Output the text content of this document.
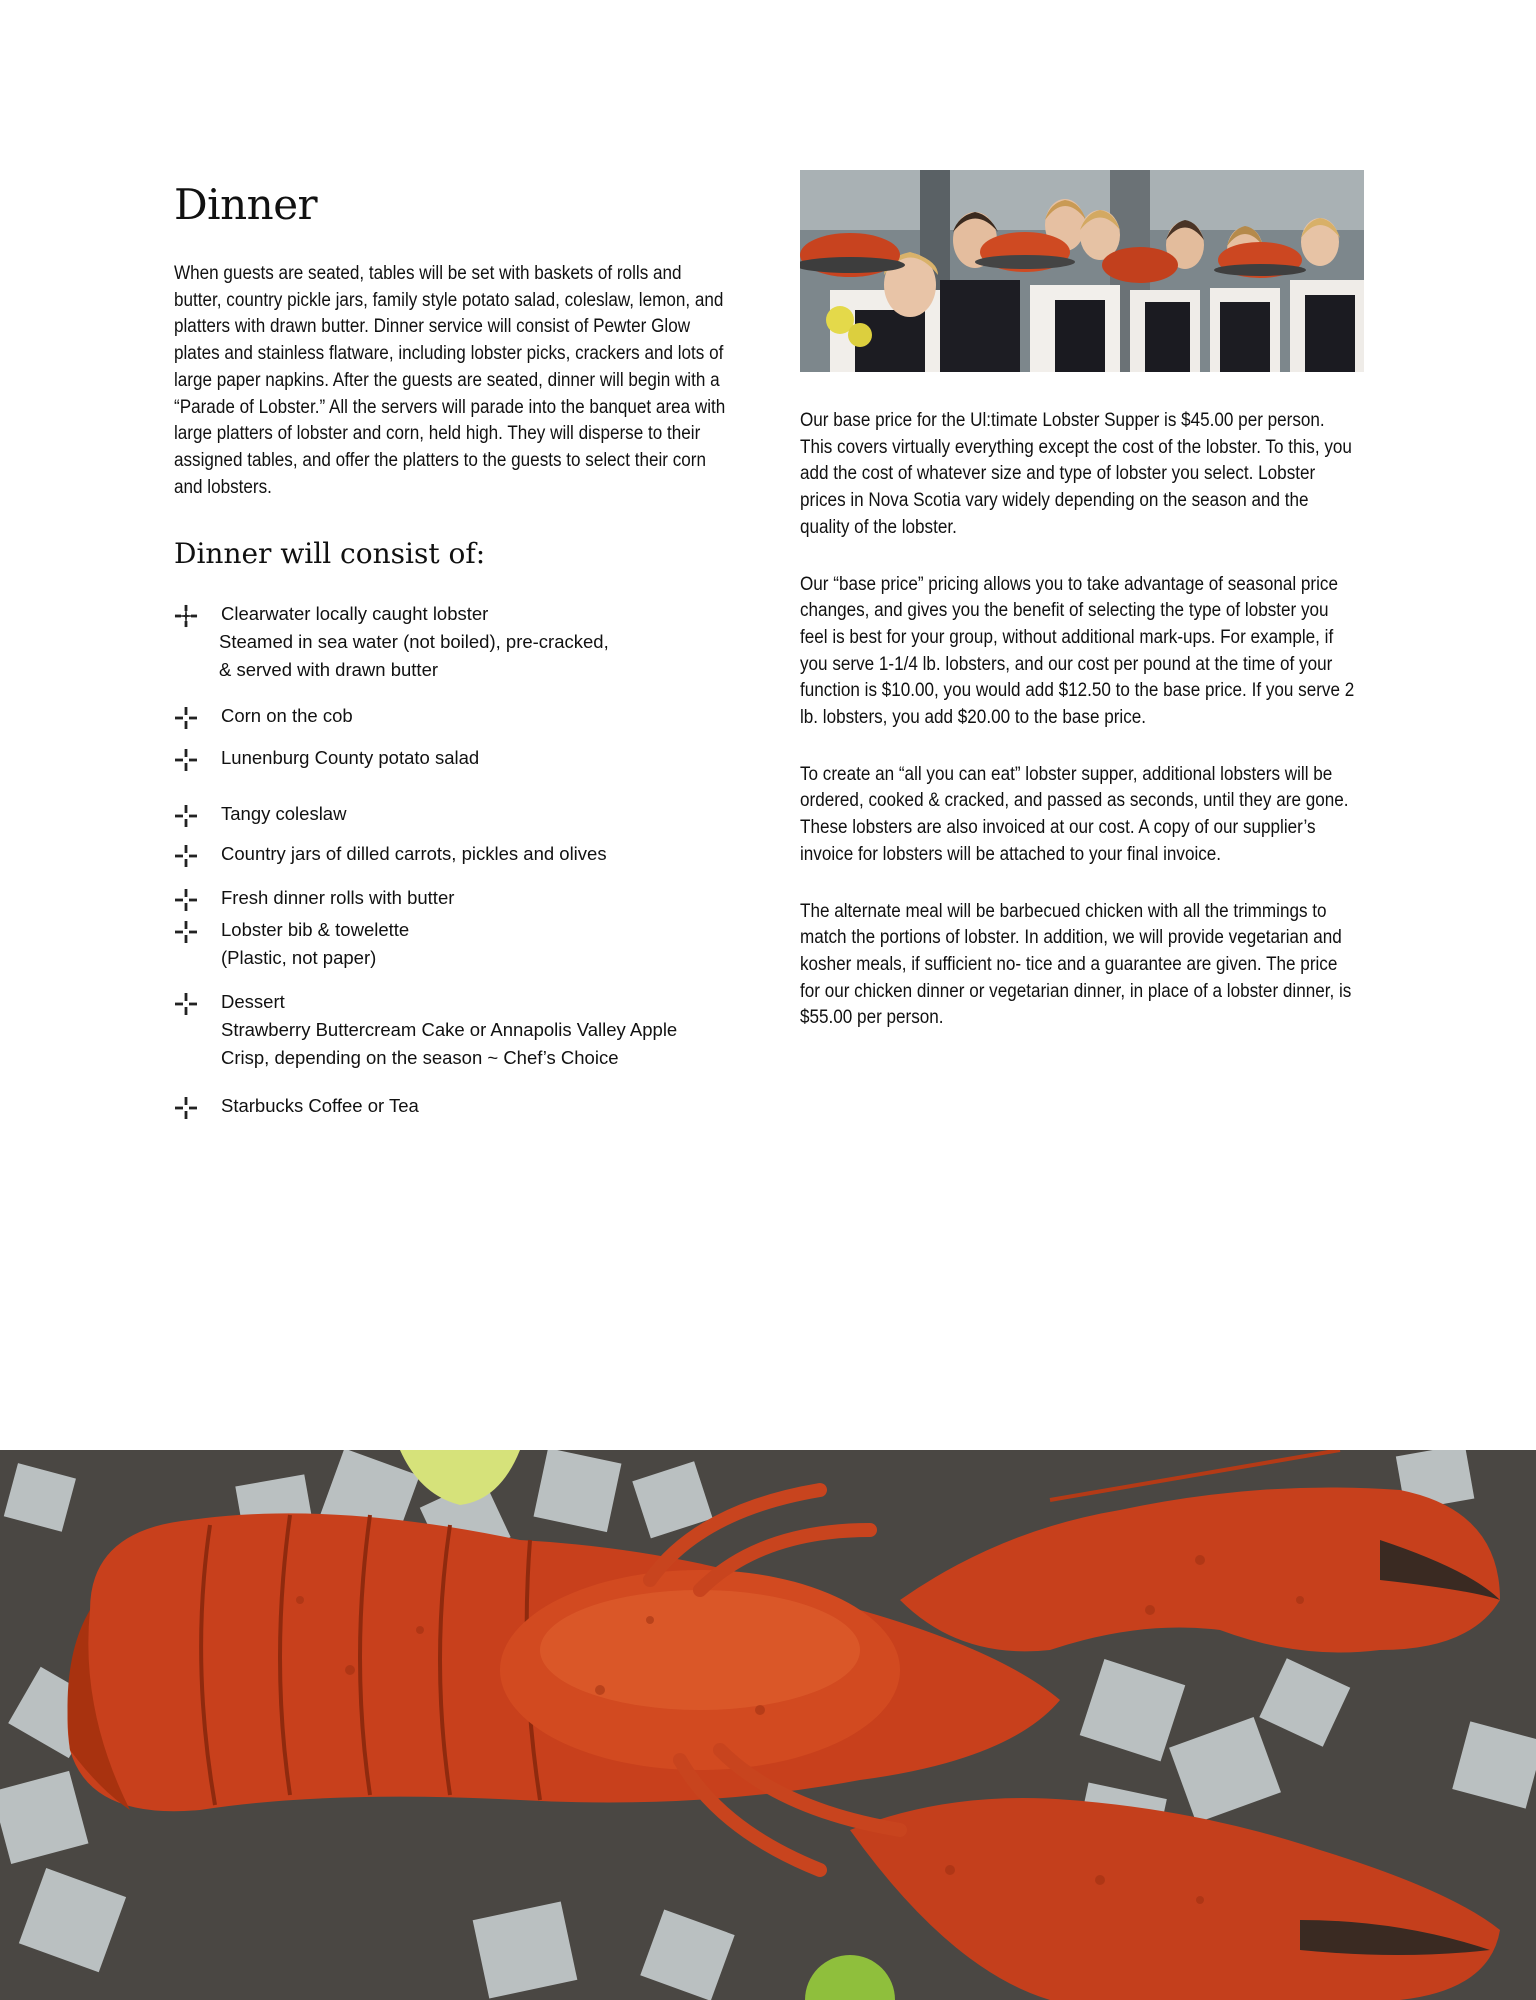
Dinner

When guests are seated, tables will be set with baskets of rolls and butter, country pickle jars, family style potato salad, coleslaw, lemon, and platters with drawn butter. Dinner service will consist of Pewter Glow plates and stainless flatware, including lobster picks, crackers and lots of large paper napkins. After the guests are seated, dinner will begin with a “Parade of Lobster.” All the servers will parade into the banquet area with large platters of lobster and corn, held high. They will disperse to their assigned tables, and offer the platters to the guests to select their corn and lobsters.

Dinner will consist of:
Clearwater locally caught lobster
Steamed in sea water (not boiled), pre-cracked,
& served with drawn butter
Corn on the cob
Lunenburg County potato salad
Tangy coleslaw
Country jars of dilled carrots, pickles and olives
Fresh dinner rolls with butter
Lobster bib & towelette
(Plastic, not paper)
Dessert
Strawberry Buttercream Cake or Annapolis Valley Apple
Crisp, depending on the season ~ Chef’s Choice
Starbucks Coffee or Tea

Our base price for the Ul:timate Lobster Supper is $45.00 per person. This covers virtually everything except the cost of the lobster. To this, you add the cost of whatever size and type of lobster you select. Lobster prices in Nova Scotia vary widely depending on the season and the quality of the lobster.

Our “base price” pricing allows you to take advantage of seasonal price changes, and gives you the benefit of selecting the type of lobster you feel is best for your group, without additional mark-ups. For example, if you serve 1-1/4 lb. lobsters, and our cost per pound at the time of your function is $10.00, you would add $12.50 to the base price. If you serve 2 lb. lobsters, you add $20.00 to the base price.

To create an “all you can eat” lobster supper, additional lobsters will be ordered, cooked & cracked, and passed as seconds, until they are gone. These lobsters are also invoiced at our cost. A copy of our supplier’s invoice for lobsters will be attached to your final invoice.

The alternate meal will be barbecued chicken with all the trimmings to match the portions of lobster. In addition, we will provide vegetarian and kosher meals, if sufficient no- tice and a guarantee are given. The price for our chicken dinner or vegetarian dinner, in place of a lobster dinner, is $55.00 per person.
